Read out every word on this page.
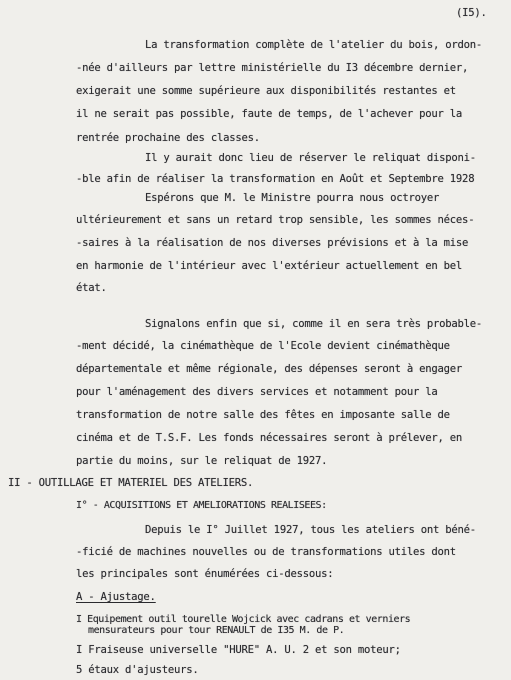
(I5).
La transformation complète de l'atelier du bois, ordon-
-née d'ailleurs par lettre ministérielle du I3 décembre dernier,
exigerait une somme supérieure aux disponibilités restantes et
il ne serait pas possible, faute de temps, de l'achever pour la
rentrée prochaine des classes.
Il y aurait donc lieu de réserver le reliquat disponi-
-ble afin de réaliser la transformation en Août et Septembre 1928
Espérons que M. le Ministre pourra nous octroyer
ultérieurement et sans un retard trop sensible, les sommes néces-
-saires à la réalisation de nos diverses prévisions et à la mise
en harmonie de l'intérieur avec l'extérieur actuellement en bel
état.
Signalons enfin que si, comme il en sera très probable-
-ment décidé, la cinémathèque de l'Ecole devient cinémathèque
départementale et même régionale, des dépenses seront à engager
pour l'aménagement des divers services et notamment pour la
transformation de notre salle des fêtes en imposante salle de
cinéma et de T.S.F. Les fonds nécessaires seront à prélever, en
partie du moins, sur le reliquat de 1927.
II - OUTILLAGE ET MATERIEL DES ATELIERS.
I° - ACQUISITIONS ET AMELIORATIONS REALISEES:
Depuis le I° Juillet 1927, tous les ateliers ont béné-
-ficié de machines nouvelles ou de transformations utiles dont
les principales sont énumérées ci-dessous:
A - Ajustage.
I Equipement outil tourelle Wojcick avec cadrans et verniers
mensurateurs pour tour RENAULT de I35 M. de P.
I Fraiseuse universelle "HURE" A. U. 2 et son moteur;
5 étaux d'ajusteurs.
